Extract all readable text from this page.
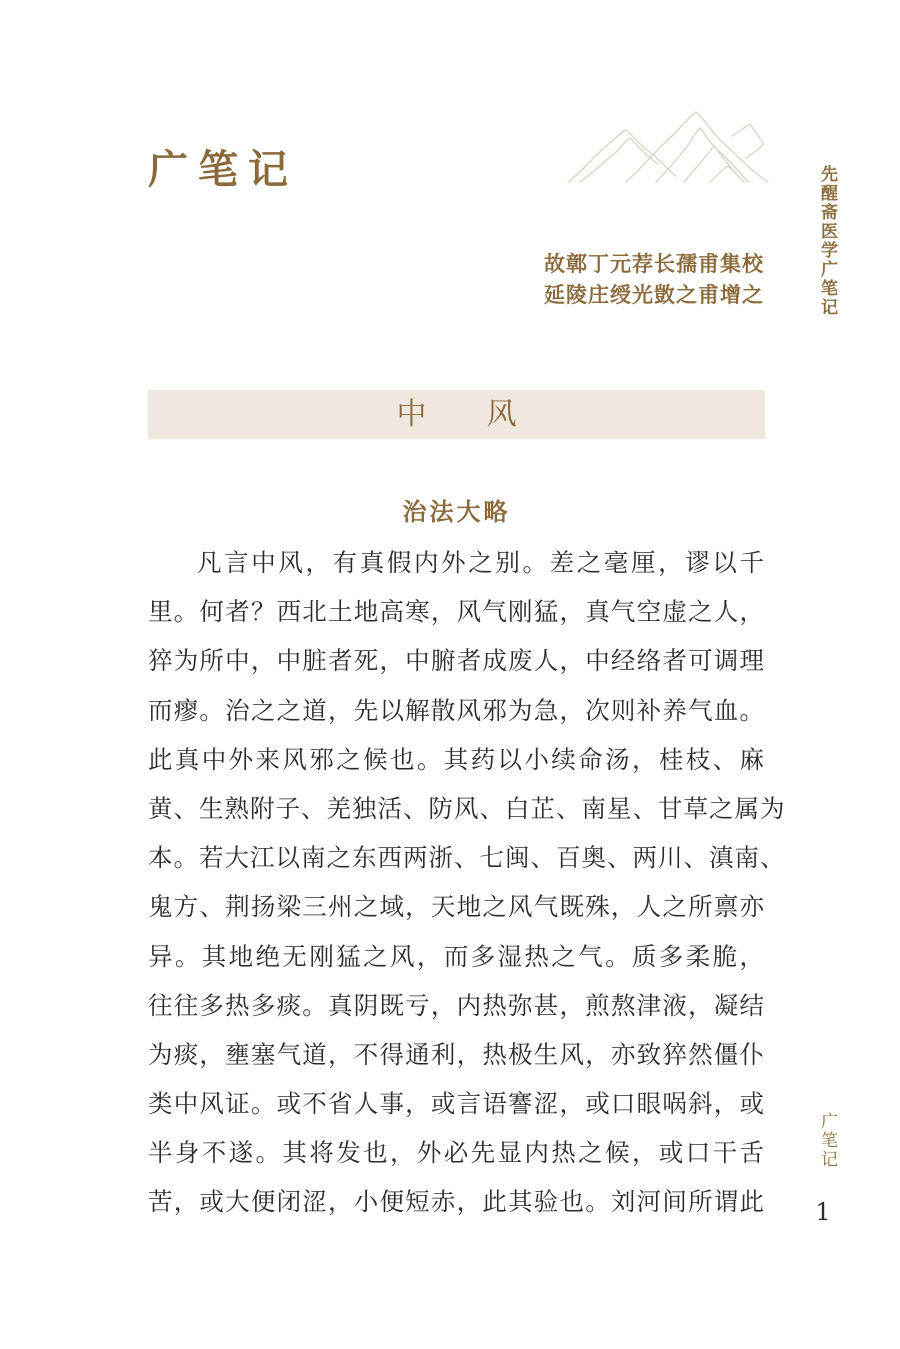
广笔记
故鄣丁元荐长孺甫集校
延陵庄绶光敳之甫增之	先醒斋医学广笔记
中风
治法大略
凡言中风，有真假内外之别。差之毫厘，谬以千
里。何者？西北土地高寒，风气刚猛，真气空虚之人，
猝为所中，中脏者死，中腑者成废人，中经络者可调理
而瘳。治之之道，先以解散风邪为急，次则补养气血。
此真中外来风邪之候也。其药以小续命汤，桂枝、麻
黄、生熟附子、羌独活、防风、白芷、南星、甘草之属为
本。若大江以南之东西两浙、七闽、百奥、两川、滇南、
鬼方、荆扬梁三州之域，天地之风气既殊，人之所禀亦
异。其地绝无刚猛之风，而多湿热之气。质多柔脆，
往往多热多痰。真阴既亏，内热弥甚，煎熬津液，凝结
为痰，壅塞气道，不得通利，热极生风，亦致猝然僵仆
类中风证。或不省人事，或言语謇涩，或口眼㖞斜，或
半身不遂。其将发也，外必先显内热之候，或口干舌
苦，或大便闭涩，小便短赤，此其验也。刘河间所谓此
广笔记
1
